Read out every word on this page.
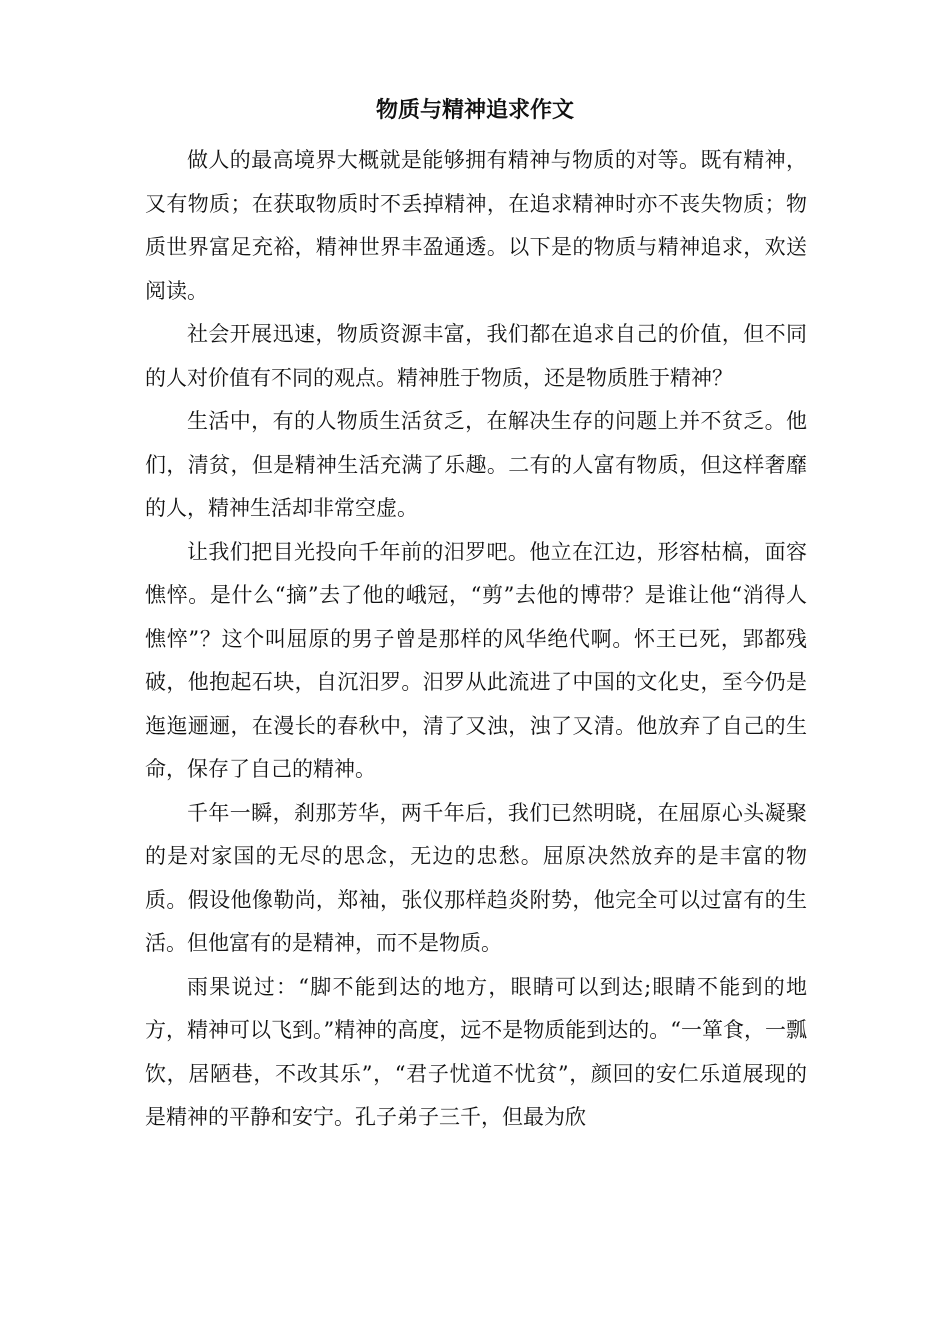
物质与精神追求作文

做人的最高境界大概就是能够拥有精神与物质的对等。既有精神，又有物质；在获取物质时不丢掉精神，在追求精神时亦不丧失物质；物质世界富足充裕，精神世界丰盈通透。以下是的物质与精神追求，欢送阅读。

社会开展迅速，物质资源丰富，我们都在追求自己的价值，但不同的人对价值有不同的观点。精神胜于物质，还是物质胜于精神？

生活中，有的人物质生活贫乏，在解决生存的问题上并不贫乏。他们，清贫，但是精神生活充满了乐趣。二有的人富有物质，但这样奢靡的人，精神生活却非常空虚。

让我们把目光投向千年前的汨罗吧。他立在江边，形容枯槁，面容憔悴。是什么“摘”去了他的峨冠，“剪”去他的博带？是谁让他“消得人憔悴”？这个叫屈原的男子曾是那样的风华绝代啊。怀王已死，郢都残破，他抱起石块，自沉汨罗。汨罗从此流进了中国的文化史，至今仍是迤迤逦逦，在漫长的春秋中，清了又浊，浊了又清。他放弃了自己的生命，保存了自己的精神。

千年一瞬，刹那芳华，两千年后，我们已然明晓，在屈原心头凝聚的是对家国的无尽的思念，无边的忠愁。屈原决然放弃的是丰富的物质。假设他像勒尚，郑袖，张仪那样趋炎附势，他完全可以过富有的生活。但他富有的是精神，而不是物质。

雨果说过：“脚不能到达的地方，眼睛可以到达;眼睛不能到的地方，精神可以飞到。”精神的高度，远不是物质能到达的。“一箪食，一瓢饮，居陋巷，不改其乐”，“君子忧道不忧贫”，颜回的安仁乐道展现的是精神的平静和安宁。孔子弟子三千，但最为欣
